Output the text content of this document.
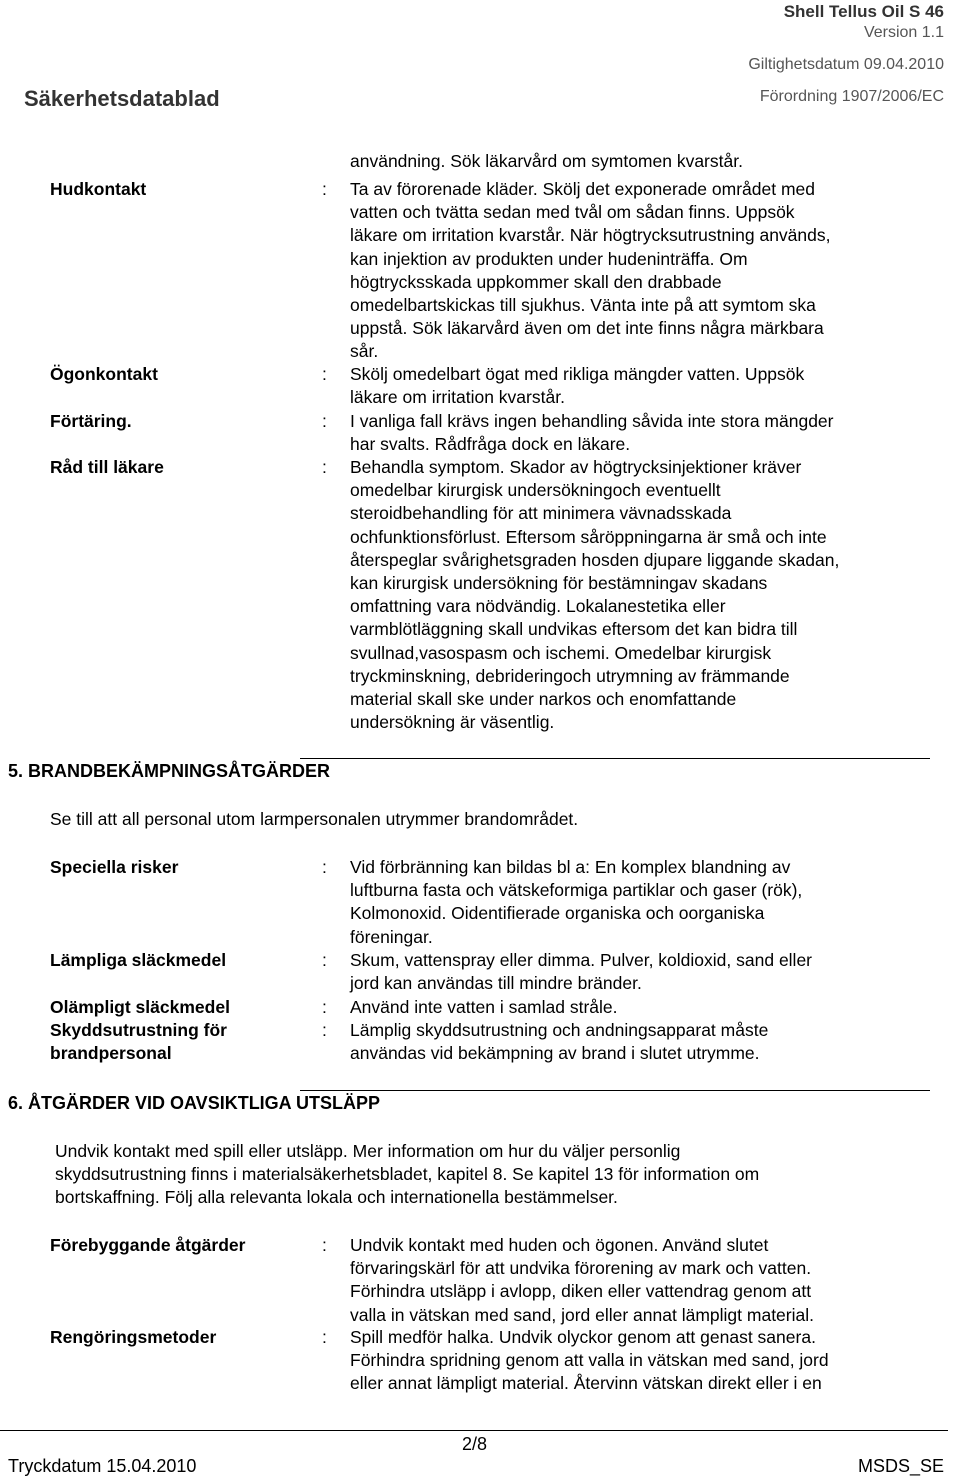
Shell Tellus Oil S 46
Version 1.1
Giltighetsdatum 09.04.2010
Förordning 1907/2006/EC
Säkerhetsdatablad
användning. Sök läkarvård om symtomen kvarstår.
Hudkontakt	: Ta av förorenade kläder. Skölj det exponerade området med
vatten och tvätta sedan med tvål om sådan finns. Uppsök
läkare om irritation kvarstår. När högtrycksutrustning används,
kan injektion av produkten under hudeninträffa. Om
högtrycksskada uppkommer skall den drabbade
omedelbartskickas till sjukhus. Vänta inte på att symtom ska
uppstå. Sök läkarvård även om det inte finns några märkbara
sår.
Ögonkontakt	: Skölj omedelbart ögat med rikliga mängder vatten. Uppsök
läkare om irritation kvarstår.
Förtäring.	: I vanliga fall krävs ingen behandling såvida inte stora mängder
har svalts. Rådfråga dock en läkare.
Råd till läkare	: Behandla symptom. Skador av högtrycksinjektioner kräver
omedelbar kirurgisk undersökningoch eventuellt
steroidbehandling för att minimera vävnadsskada
ochfunktionsförlust. Eftersom såröppningarna är små och inte
återspeglar svårighetsgraden hosden djupare liggande skadan,
kan kirurgisk undersökning för bestämningav skadans
omfattning vara nödvändig. Lokalanestetika eller
varmblötläggning skall undvikas eftersom det kan bidra till
svullnad,vasospasm och ischemi. Omedelbar kirurgisk
tryckminskning, debrideringoch utrymning av främmande
material skall ske under narkos och enomfattande
undersökning är väsentlig.
5. BRANDBEKÄMPNINGSÅTGÄRDER
Se till att all personal utom larmpersonalen utrymmer brandområdet.
Speciella risker	: Vid förbränning kan bildas bl a: En komplex blandning av
luftburna fasta och vätskeformiga partiklar och gaser (rök),
Kolmonoxid. Oidentifierade organiska och oorganiska
föreningar.
Lämpliga släckmedel	: Skum, vattenspray eller dimma. Pulver, koldioxid, sand eller
jord kan användas till mindre bränder.
Olämpligt släckmedel	: Använd inte vatten i samlad stråle.
Skyddsutrustning för
brandpersonal
: Lämplig skyddsutrustning och andningsapparat måste
användas vid bekämpning av brand i slutet utrymme.
6. ÅTGÄRDER VID OAVSIKTLIGA UTSLÄPP
Undvik kontakt med spill eller utsläpp. Mer information om hur du väljer personlig
skyddsutrustning finns i materialsäkerhetsbladet, kapitel 8. Se kapitel 13 för information om
bortskaffning. Följ alla relevanta lokala och internationella bestämmelser.
Förebyggande åtgärder	: Undvik kontakt med huden och ögonen. Använd slutet
förvaringskärl för att undvika förorening av mark och vatten.
Förhindra utsläpp i avlopp, diken eller vattendrag genom att
valla in vätskan med sand, jord eller annat lämpligt material.
Rengöringsmetoder	: Spill medför halka. Undvik olyckor genom att genast sanera.
Förhindra spridning genom att valla in vätskan med sand, jord
eller annat lämpligt material. Återvinn vätskan direkt eller i en
2/8
Tryckdatum 15.04.2010	MSDS_SE
